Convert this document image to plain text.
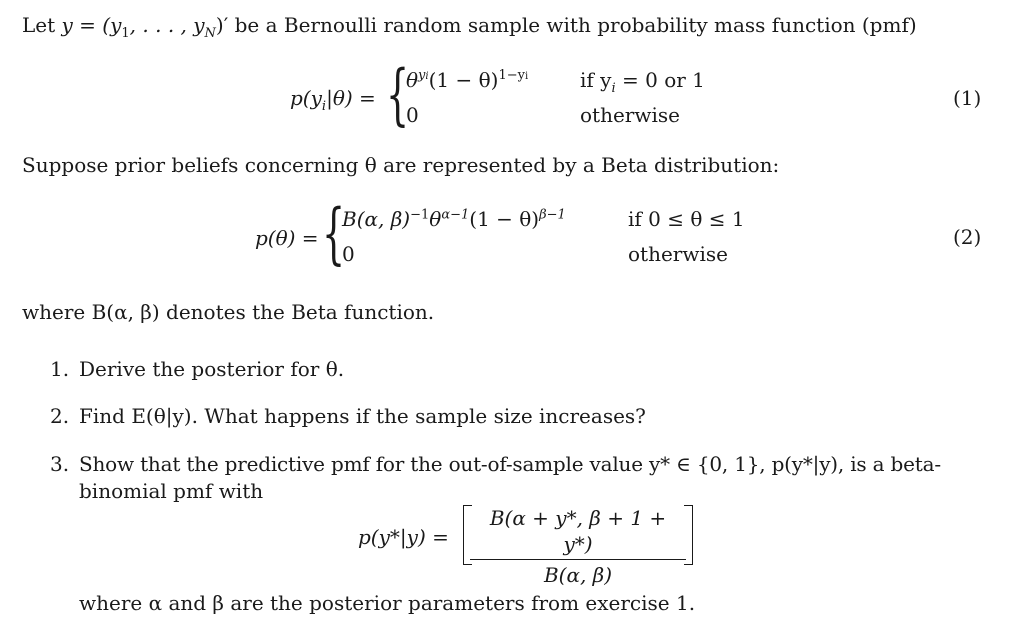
Let $y = (y_1$, . . . , $y_N)'$ be a Bernoulli random sample with probability mass function (pmf)
$p(y_i|\theta)$ = {
$\theta^{yi}(1 - \theta)^{1-yi}$	if $y_i = 0$ or 1
0	otherwise
(1)
Suppose prior beliefs concerning θ are represented by a Beta distribution:
p(θ) = {
B(α, $\beta)^{-1}\theta^{\alpha-1}(1 - \theta)^{\beta-1}$	if 0 ≤ θ ≤ 1
0	otherwise
(2)
where B(α, β) denotes the Beta function.
1. Derive the posterior for θ.
2. Find E(θ|y). What happens if the sample size increases?
3. Show that the predictive pmf for the out-of-sample value y* ∈ {0, 1}, p(y*|y), is a beta-
binomial pmf with
p(y*|y) =
B(α + y*, β + 1 + y*)
B(α, β)
where α and β are the posterior parameters from exercise 1.
